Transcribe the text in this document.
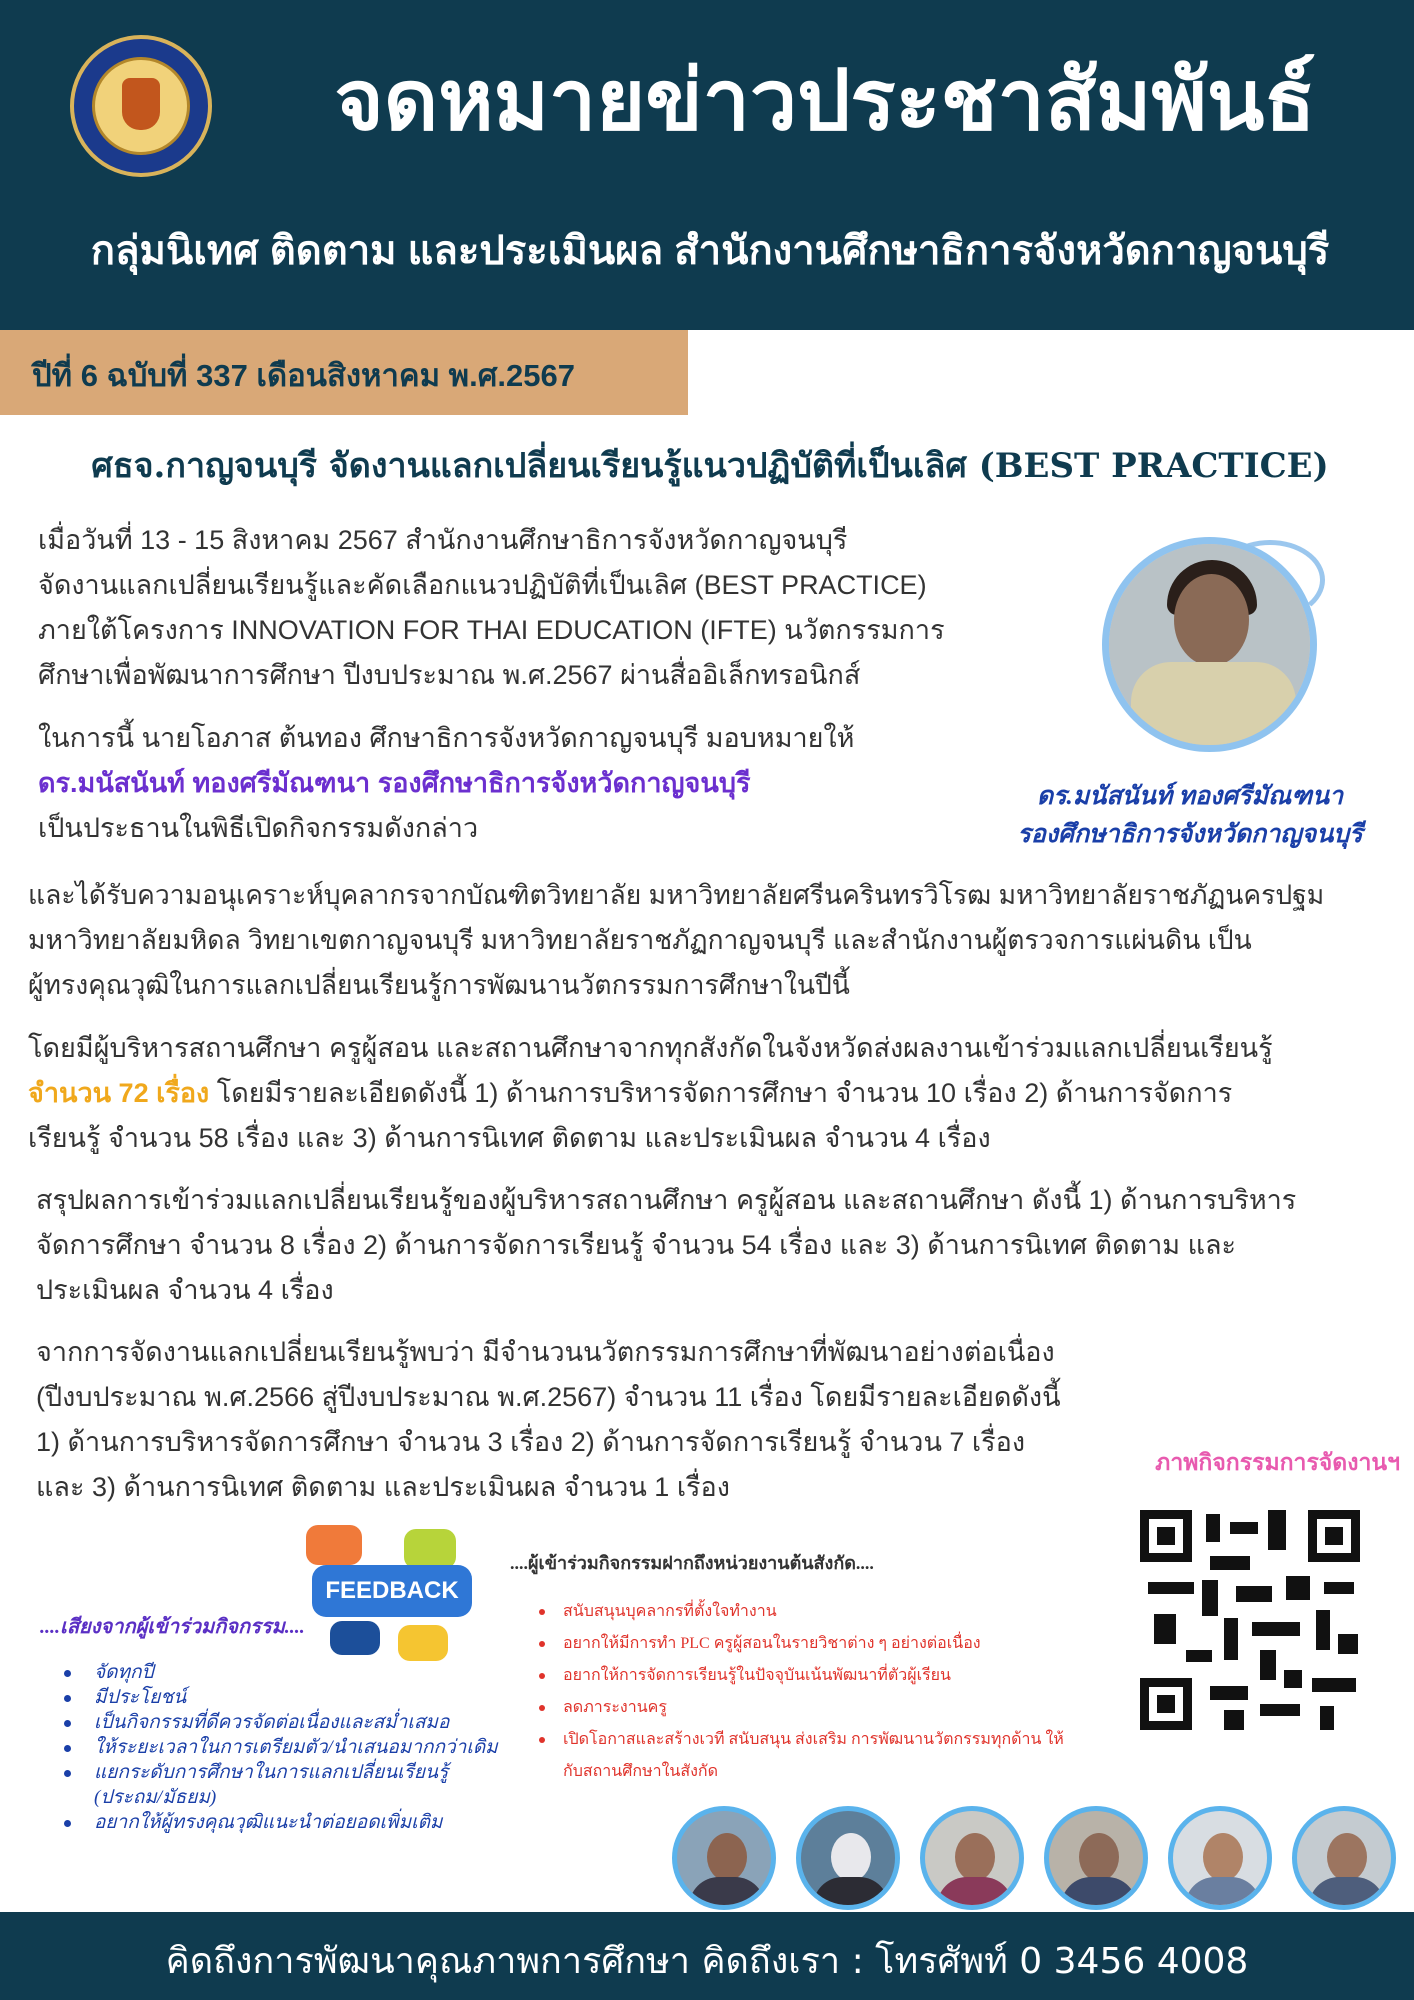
จดหมายข่าวประชาสัมพันธ์
กลุ่มนิเทศ ติดตาม และประเมินผล สำนักงานศึกษาธิการจังหวัดกาญจนบุรี
ปีที่ 6 ฉบับที่ 337 เดือนสิงหาคม พ.ศ.2567
ศธจ.กาญจนบุรี จัดงานแลกเปลี่ยนเรียนรู้แนวปฏิบัติที่เป็นเลิศ (BEST PRACTICE)
เมื่อวันที่ 13 - 15 สิงหาคม 2567 สำนักงานศึกษาธิการจังหวัดกาญจนบุรี
จัดงานแลกเปลี่ยนเรียนรู้และคัดเลือกแนวปฏิบัติที่เป็นเลิศ (BEST PRACTICE)
ภายใต้โครงการ INNOVATION FOR THAI EDUCATION (IFTE) นวัตกรรมการ
ศึกษาเพื่อพัฒนาการศึกษา ปีงบประมาณ พ.ศ.2567 ผ่านสื่ออิเล็กทรอนิกส์
ในการนี้ นายโอภาส ต้นทอง ศึกษาธิการจังหวัดกาญจนบุรี มอบหมายให้
ดร.มนัสนันท์ ทองศรีมัณฑนา รองศึกษาธิการจังหวัดกาญจนบุรี
เป็นประธานในพิธีเปิดกิจกรรมดังกล่าว
ดร.มนัสนันท์ ทองศรีมัณฑนา
รองศึกษาธิการจังหวัดกาญจนบุรี
และได้รับความอนุเคราะห์บุคลากรจากบัณฑิตวิทยาลัย มหาวิทยาลัยศรีนครินทรวิโรฒ มหาวิทยาลัยราชภัฏนครปฐม
มหาวิทยาลัยมหิดล วิทยาเขตกาญจนบุรี มหาวิทยาลัยราชภัฏกาญจนบุรี และสำนักงานผู้ตรวจการแผ่นดิน เป็น
ผู้ทรงคุณวุฒิในการแลกเปลี่ยนเรียนรู้การพัฒนานวัตกรรมการศึกษาในปีนี้
โดยมีผู้บริหารสถานศึกษา ครูผู้สอน และสถานศึกษาจากทุกสังกัดในจังหวัดส่งผลงานเข้าร่วมแลกเปลี่ยนเรียนรู้
จำนวน 72 เรื่อง โดยมีรายละเอียดดังนี้ 1) ด้านการบริหารจัดการศึกษา จำนวน 10 เรื่อง 2) ด้านการจัดการ
เรียนรู้ จำนวน 58 เรื่อง และ 3) ด้านการนิเทศ ติดตาม และประเมินผล จำนวน 4 เรื่อง
สรุปผลการเข้าร่วมแลกเปลี่ยนเรียนรู้ของผู้บริหารสถานศึกษา ครูผู้สอน และสถานศึกษา ดังนี้ 1) ด้านการบริหาร
จัดการศึกษา จำนวน 8 เรื่อง 2) ด้านการจัดการเรียนรู้ จำนวน 54 เรื่อง และ 3) ด้านการนิเทศ ติดตาม และ
ประเมินผล จำนวน 4 เรื่อง
จากการจัดงานแลกเปลี่ยนเรียนรู้พบว่า มีจำนวนนวัตกรรมการศึกษาที่พัฒนาอย่างต่อเนื่อง
(ปีงบประมาณ พ.ศ.2566 สู่ปีงบประมาณ พ.ศ.2567) จำนวน 11 เรื่อง โดยมีรายละเอียดดังนี้
1) ด้านการบริหารจัดการศึกษา จำนวน 3 เรื่อง 2) ด้านการจัดการเรียนรู้ จำนวน 7 เรื่อง
และ 3) ด้านการนิเทศ ติดตาม และประเมินผล จำนวน 1 เรื่อง
ภาพกิจกรรมการจัดงานฯ
FEEDBACK
....เสียงจากผู้เข้าร่วมกิจกรรม....
จัดทุกปี
มีประโยชน์
เป็นกิจกรรมที่ดีควรจัดต่อเนื่องและสม่ำเสมอ
ให้ระยะเวลาในการเตรียมตัว/นำเสนอมากกว่าเดิม
แยกระดับการศึกษาในการแลกเปลี่ยนเรียนรู้ (ประถม/มัธยม)
อยากให้ผู้ทรงคุณวุฒิแนะนำต่อยอดเพิ่มเติม
....ผู้เข้าร่วมกิจกรรมฝากถึงหน่วยงานต้นสังกัด....
สนับสนุนบุคลากรที่ตั้งใจทำงาน
อยากให้มีการทำ PLC ครูผู้สอนในรายวิชาต่าง ๆ อย่างต่อเนื่อง
อยากให้การจัดการเรียนรู้ในปัจจุบันเน้นพัฒนาที่ตัวผู้เรียน
ลดภาระงานครู
เปิดโอกาสและสร้างเวที สนับสนุน ส่งเสริม การพัฒนานวัตกรรมทุกด้าน ให้กับสถานศึกษาในสังกัด
คิดถึงการพัฒนาคุณภาพการศึกษา คิดถึงเรา : โทรศัพท์ 0 3456 4008
